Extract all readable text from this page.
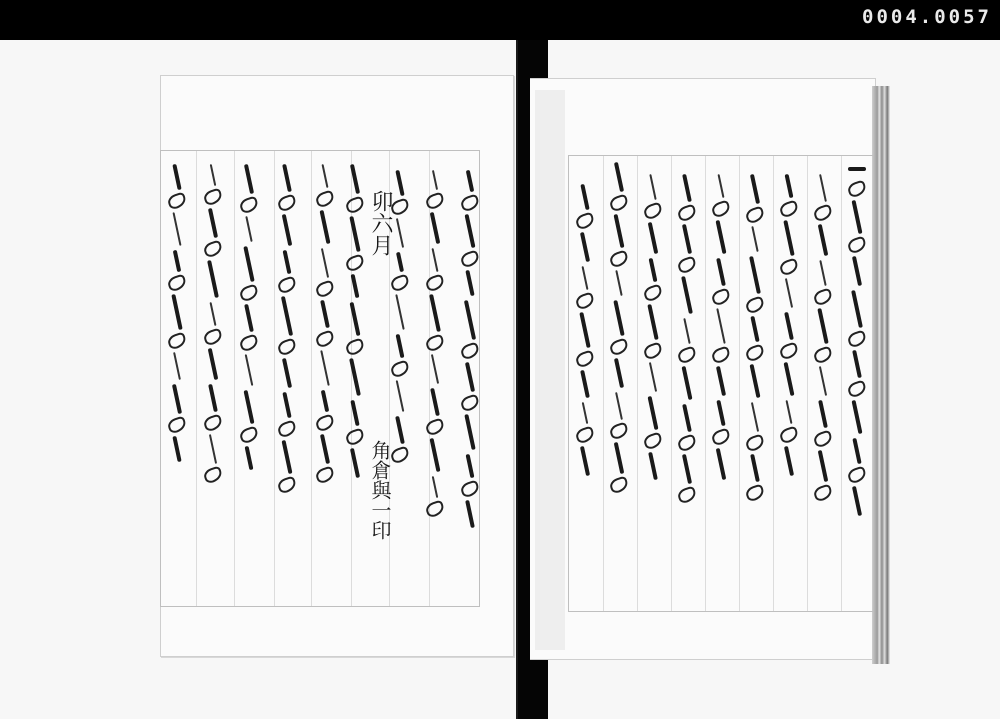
0004.0057
卯六月
角倉與一印
